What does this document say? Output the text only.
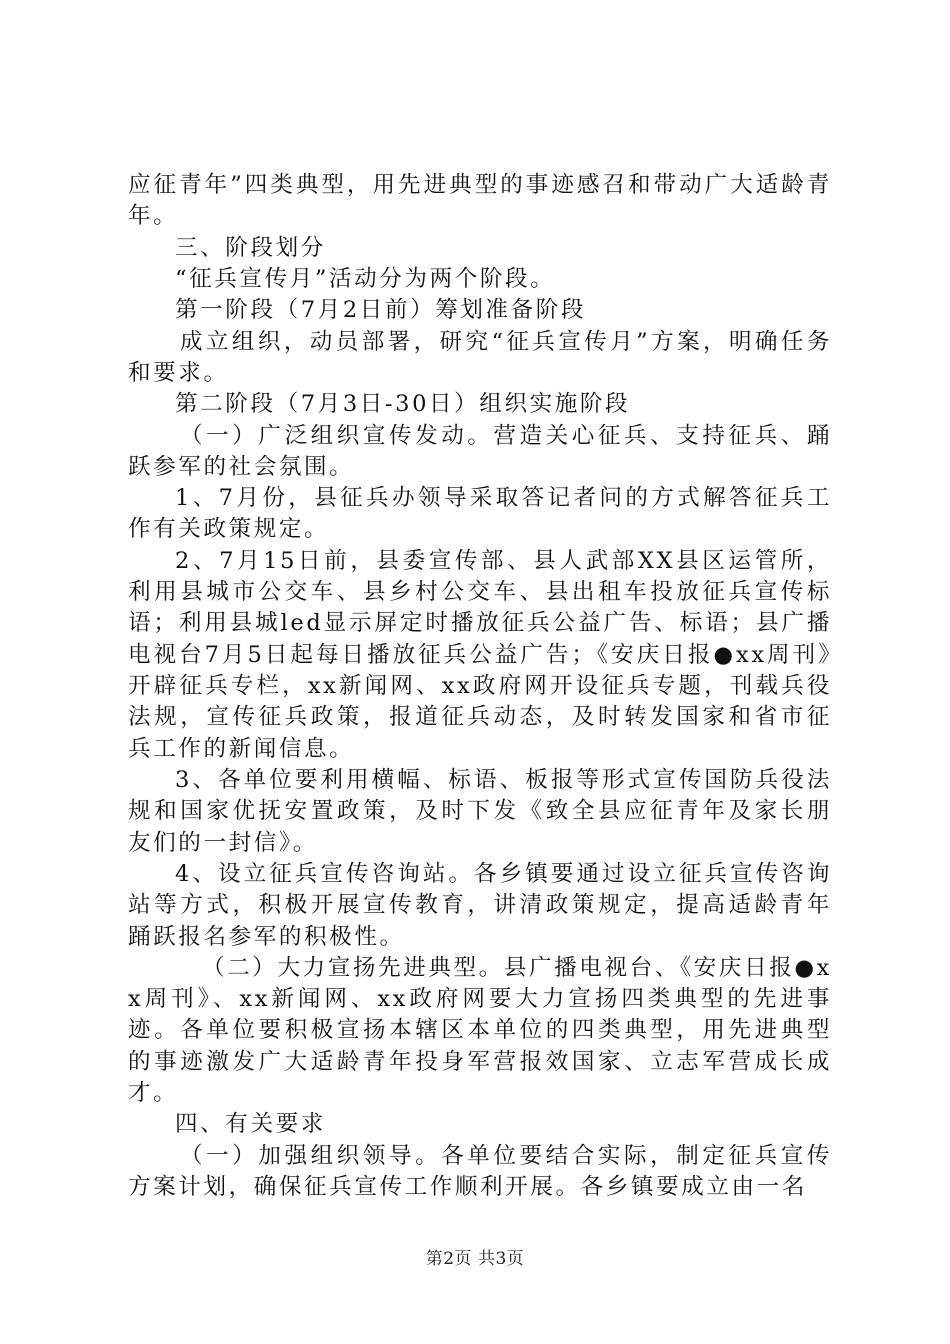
应征青年”四类典型，用先进典型的事迹感召和带动广大适龄青年。

三、阶段划分

“征兵宣传月”活动分为两个阶段。

第一阶段（7月2日前）筹划准备阶段

成立组织，动员部署，研究“征兵宣传月”方案，明确任务和要求。

第二阶段（7月3日-30日）组织实施阶段

（一）广泛组织宣传发动。营造关心征兵、支持征兵、踊跃参军的社会氛围。

1、7月份，县征兵办领导采取答记者问的方式解答征兵工作有关政策规定。

2、7月15日前，县委宣传部、县人武部XX县区运管所，利用县城市公交车、县乡村公交车、县出租车投放征兵宣传标语；利用县城led显示屏定时播放征兵公益广告、标语；县广播电视台7月5日起每日播放征兵公益广告；《安庆日报●xx周刊》开辟征兵专栏，xx新闻网、xx政府网开设征兵专题，刊载兵役法规，宣传征兵政策，报道征兵动态，及时转发国家和省市征兵工作的新闻信息。

3、各单位要利用横幅、标语、板报等形式宣传国防兵役法规和国家优抚安置政策，及时下发《致全县应征青年及家长朋友们的一封信》。

4、设立征兵宣传咨询站。各乡镇要通过设立征兵宣传咨询站等方式，积极开展宣传教育，讲清政策规定，提高适龄青年踊跃报名参军的积极性。

（二）大力宣扬先进典型。县广播电视台、《安庆日报●xx周刊》、xx新闻网、xx政府网要大力宣扬四类典型的先进事迹。各单位要积极宣扬本辖区本单位的四类典型，用先进典型的事迹激发广大适龄青年投身军营报效国家、立志军营成长成才。

四、有关要求

（一）加强组织领导。各单位要结合实际，制定征兵宣传方案计划，确保征兵宣传工作顺利开展。各乡镇要成立由一名

第2页 共3页
